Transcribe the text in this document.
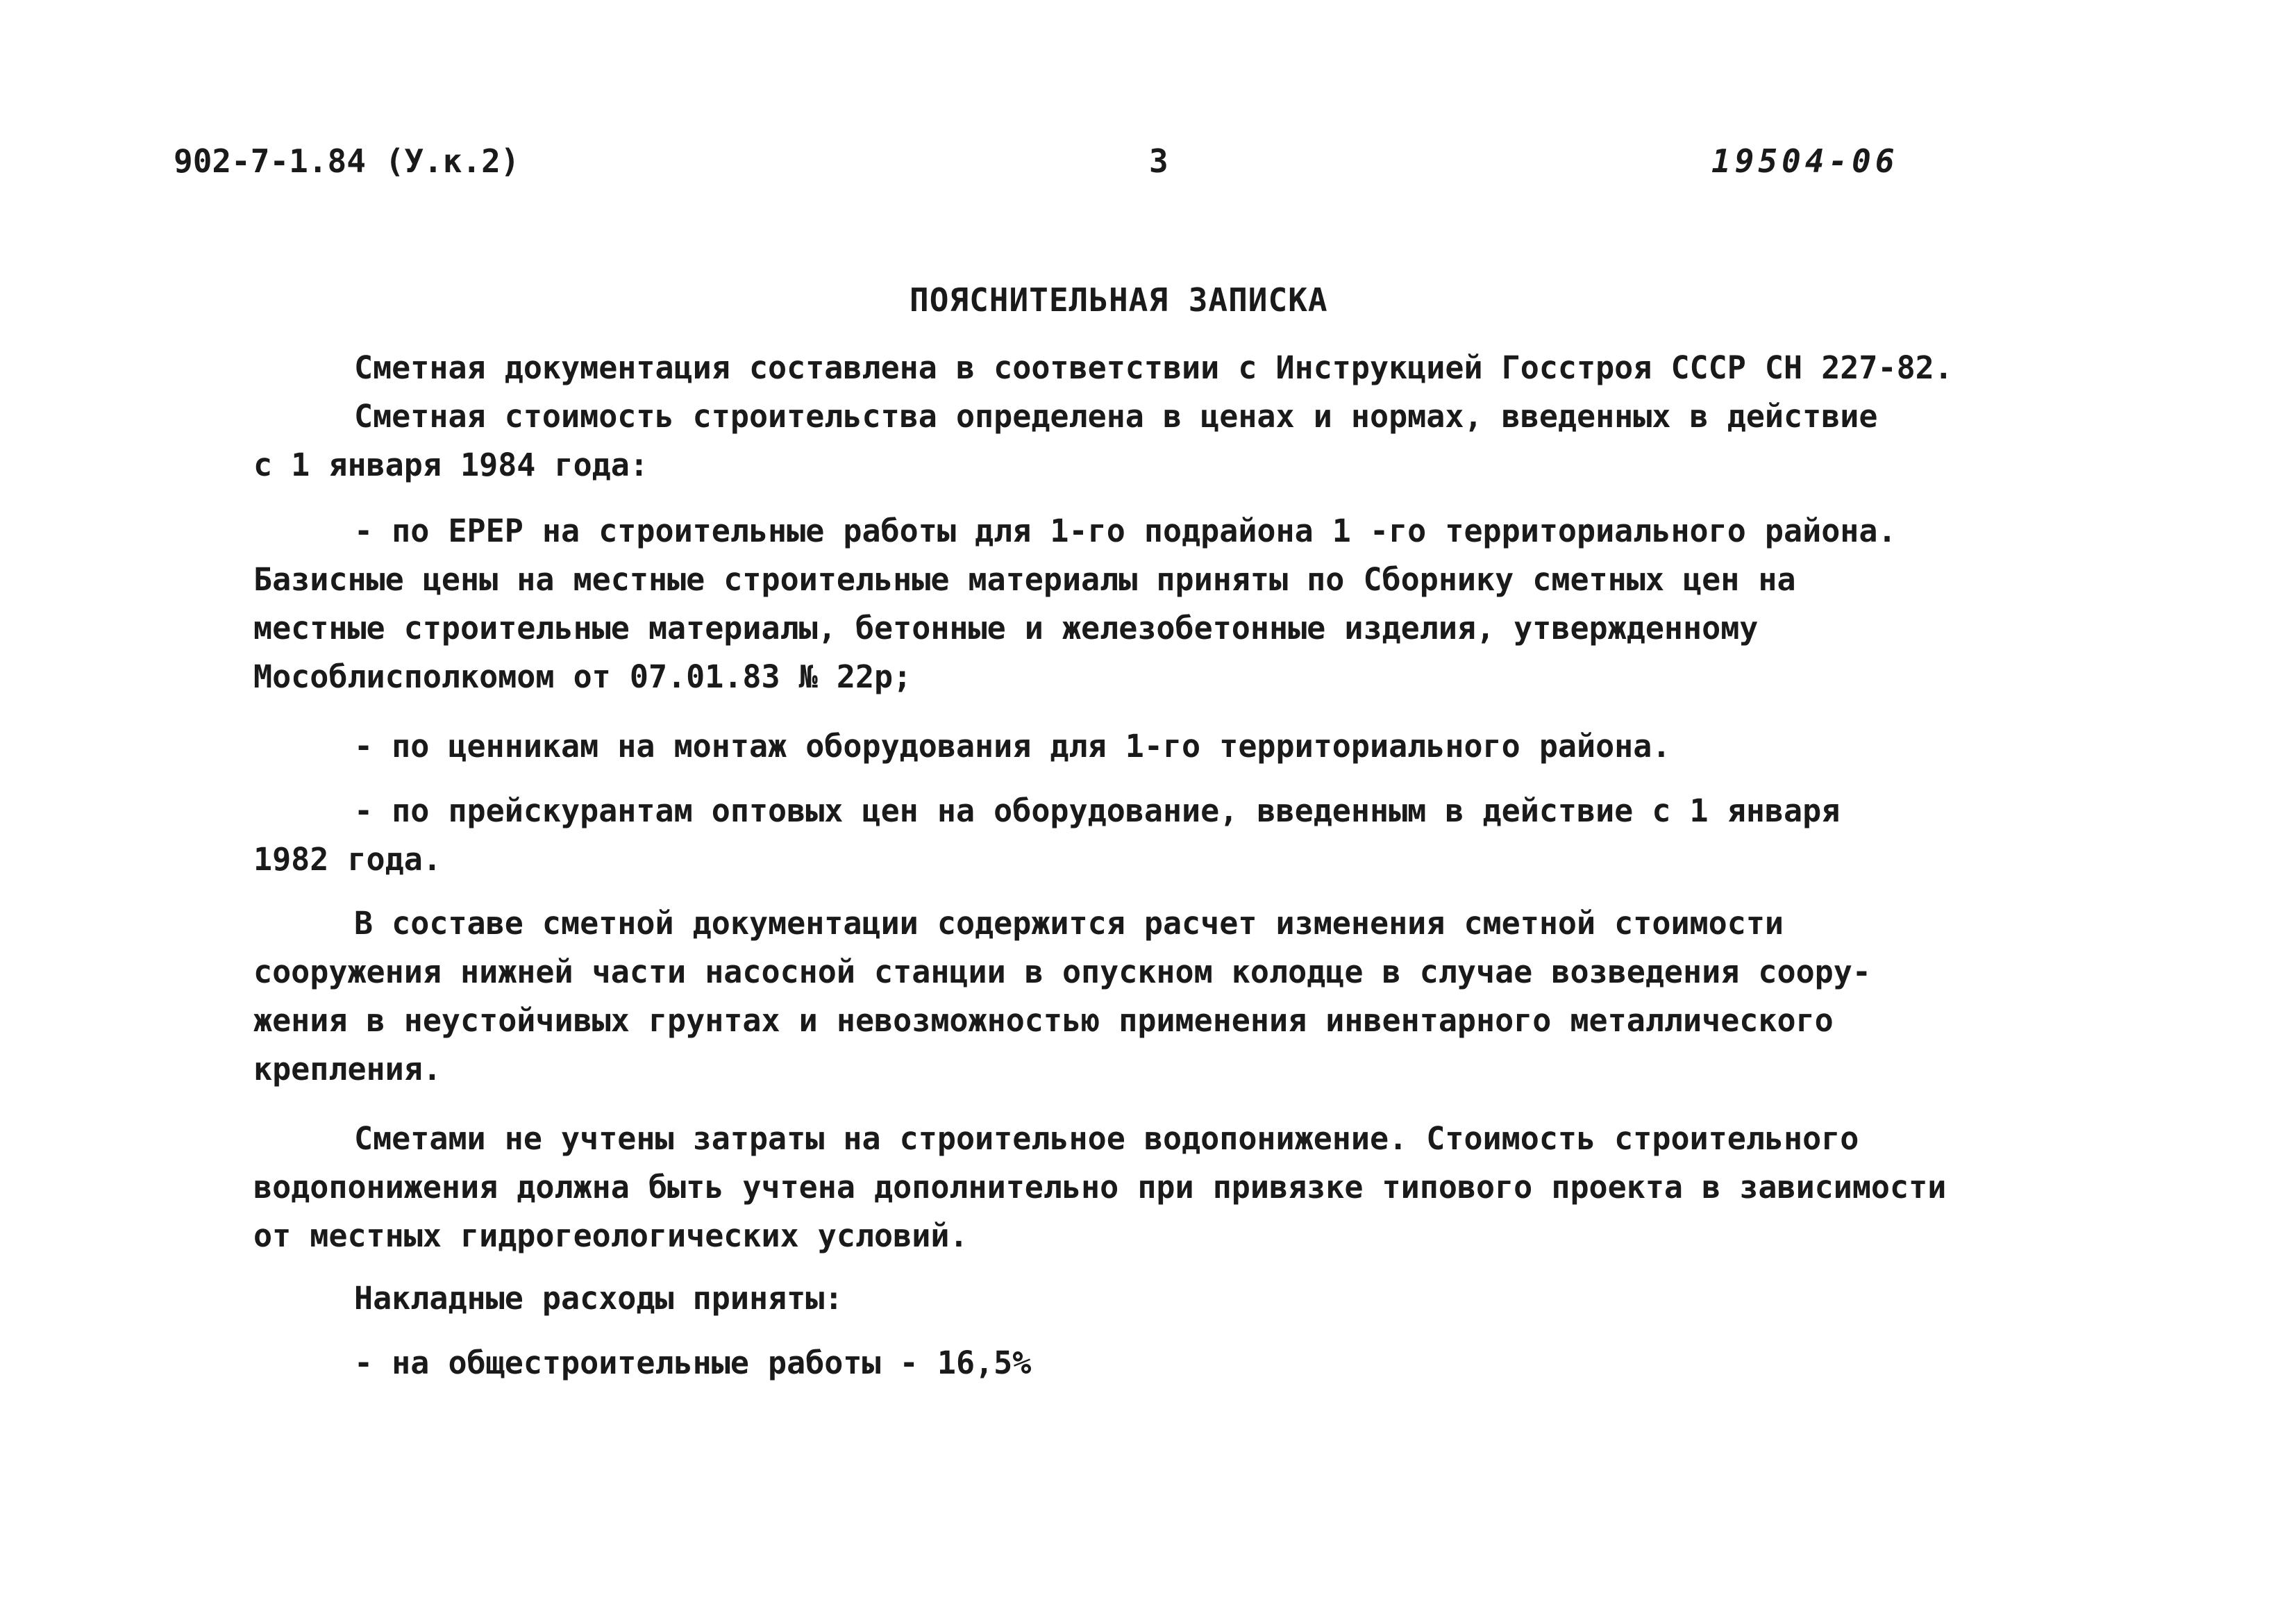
902-7-1.84 (У.к.2)	3	19504-06
ПОЯСНИТЕЛЬНАЯ ЗАПИСКА
Сметная документация составлена в соответствии с Инструкцией Госстроя СССР СН 227-82.
Сметная стоимость строительства определена в ценах и нормах, введенных в действие
с 1 января 1984 года:
- по ЕРЕР на строительные работы для 1-го подрайона 1 -го территориального района.
Базисные цены на местные строительные материалы приняты по Сборнику сметных цен на
местные строительные материалы, бетонные и железобетонные изделия, утвержденному
Мособлисполкомом от 07.01.83 № 22р;
- по ценникам на монтаж оборудования для 1-го территориального района.
- по прейскурантам оптовых цен на оборудование, введенным в действие с 1 января
1982 года.
В составе сметной документации содержится расчет изменения сметной стоимости
сооружения нижней части насосной станции в опускном колодце в случае возведения соору-
жения в неустойчивых грунтах и невозможностью применения инвентарного металлического
крепления.
Сметами не учтены затраты на строительное водопонижение. Стоимость строительного
водопонижения должна быть учтена дополнительно при привязке типового проекта в зависимости
от местных гидрогеологических условий.
Накладные расходы приняты:
- на общестроительные работы - 16,5%
